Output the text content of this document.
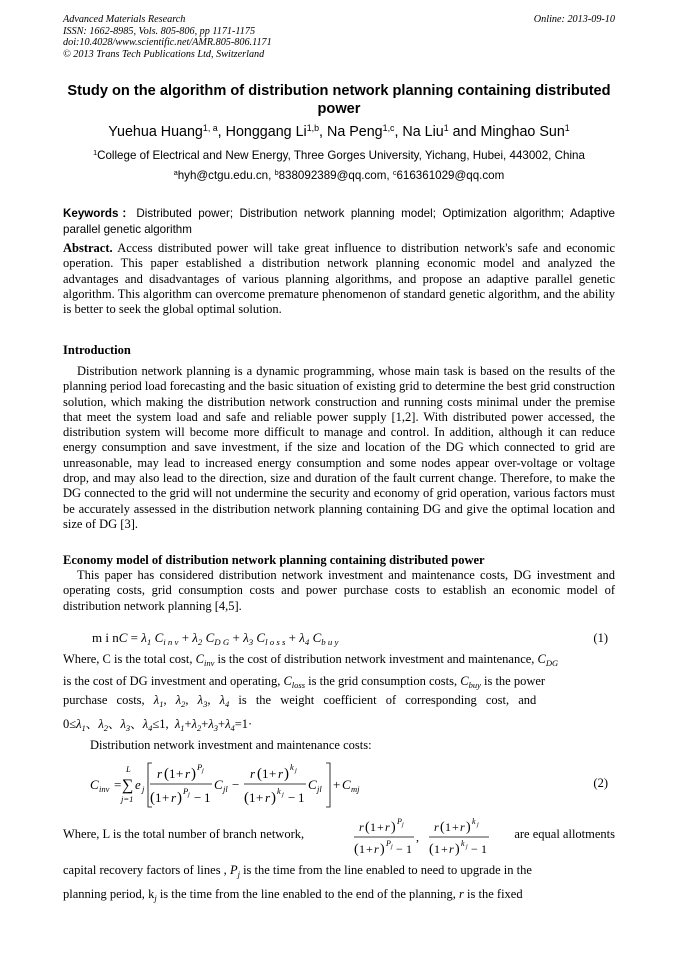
Advanced Materials Research
ISSN: 1662-8985, Vols. 805-806, pp 1171-1175
doi:10.4028/www.scientific.net/AMR.805-806.1171
© 2013 Trans Tech Publications Ltd, Switzerland
Online: 2013-09-10
Study on the algorithm of distribution network planning containing distributed power
Yuehua Huang$^{1, a}$, Honggang Li$^{1,b}$, Na Peng$^{1,c}$, Na Liu$^1$ and Minghao Sun$^1$
$^1$College of Electrical and New Energy, Three Gorges University, Yichang, Hubei, 443002, China
$^a$hyh@ctgu.edu.cn, $^b$838092389@qq.com, $^c$616361029@qq.com
Keywords：Distributed power; Distribution network planning model; Optimization algorithm; Adaptive parallel genetic algorithm
Abstract. Access distributed power will take great influence to distribution network's safe and economic operation. This paper established a distribution network planning economic model and analyzed the advantages and disadvantages of various planning algorithms, and propose an adaptive parallel genetic algorithm. This algorithm can overcome premature phenomenon of standard genetic algorithm, and the ability is better to seek the global optimal solution.
Introduction
Distribution network planning is a dynamic programming, whose main task is based on the results of the planning period load forecasting and the basic situation of existing grid to determine the best grid construction solution, which making the distribution network construction and running costs minimal under the premise that meet the system load and safe and reliable power supply [1,2]. With distributed power accessed, the distribution system will become more difficult to manage and control. In addition, although it can reduce energy consumption and save investment, if the size and location of the DG which connected to grid are unreasonable, may lead to increased energy consumption and some nodes appear over-voltage or voltage drop, and may also lead to the direction, size and duration of the fault current change. Therefore, to make the DG connected to the grid will not undermine the security and economy of grid operation, various factors must be accurately assessed in the distribution network planning containing DG and give the optimal location and size of DG [3].
Economy model of distribution network planning containing distributed power
This paper has considered distribution network investment and maintenance costs, DG investment and operating costs, grid consumption costs and power purchase costs to establish an economic model of distribution network planning [4,5].
m i nC = $\lambda_1$ $C_{i n v} + \lambda_2$ $C_{D G} + \lambda_3$ $C_{l o s s} + \lambda_4$ $C_{b u y}$	(1)
Where, C is the total cost, $C_{inv}$ is the cost of distribution network investment and maintenance, $C_{DG}$
is the cost of DG investment and operating, $C_{loss}$ is the grid consumption costs, $C_{buy}$ is the power
purchase costs, $\lambda_1$, $\lambda_2$, $\lambda_3$, $\lambda_4$ is the weight coefficient of corresponding cost, and
$0\le\lambda_1$、$\lambda_2$、$\lambda_3$、$\lambda_4\le 1$, $\lambda_1+\lambda_2+\lambda_3+\lambda_4=1\cdot$
Distribution network investment and maintenance costs:
C inv =
L
∑
j=1
e j
r ( 1 + r ) P j
( 1 + r ) P j − 1
C jl −
r ( 1 + r ) k j
( 1 + r ) k j − 1
C jl + C mj	(2)
Where, L is the total number of branch network,	r ( 1 + r ) P j
( 1 + r ) P j − 1
,
r ( 1 + r ) k j
( 1 + r ) k j − 1
are equal allotments
capital recovery factors of lines , $P_j$ is the time from the line enabled to need to upgrade in the
planning period, $k_j$ is the time from the line enabled to the end of the planning, r is the fixed
